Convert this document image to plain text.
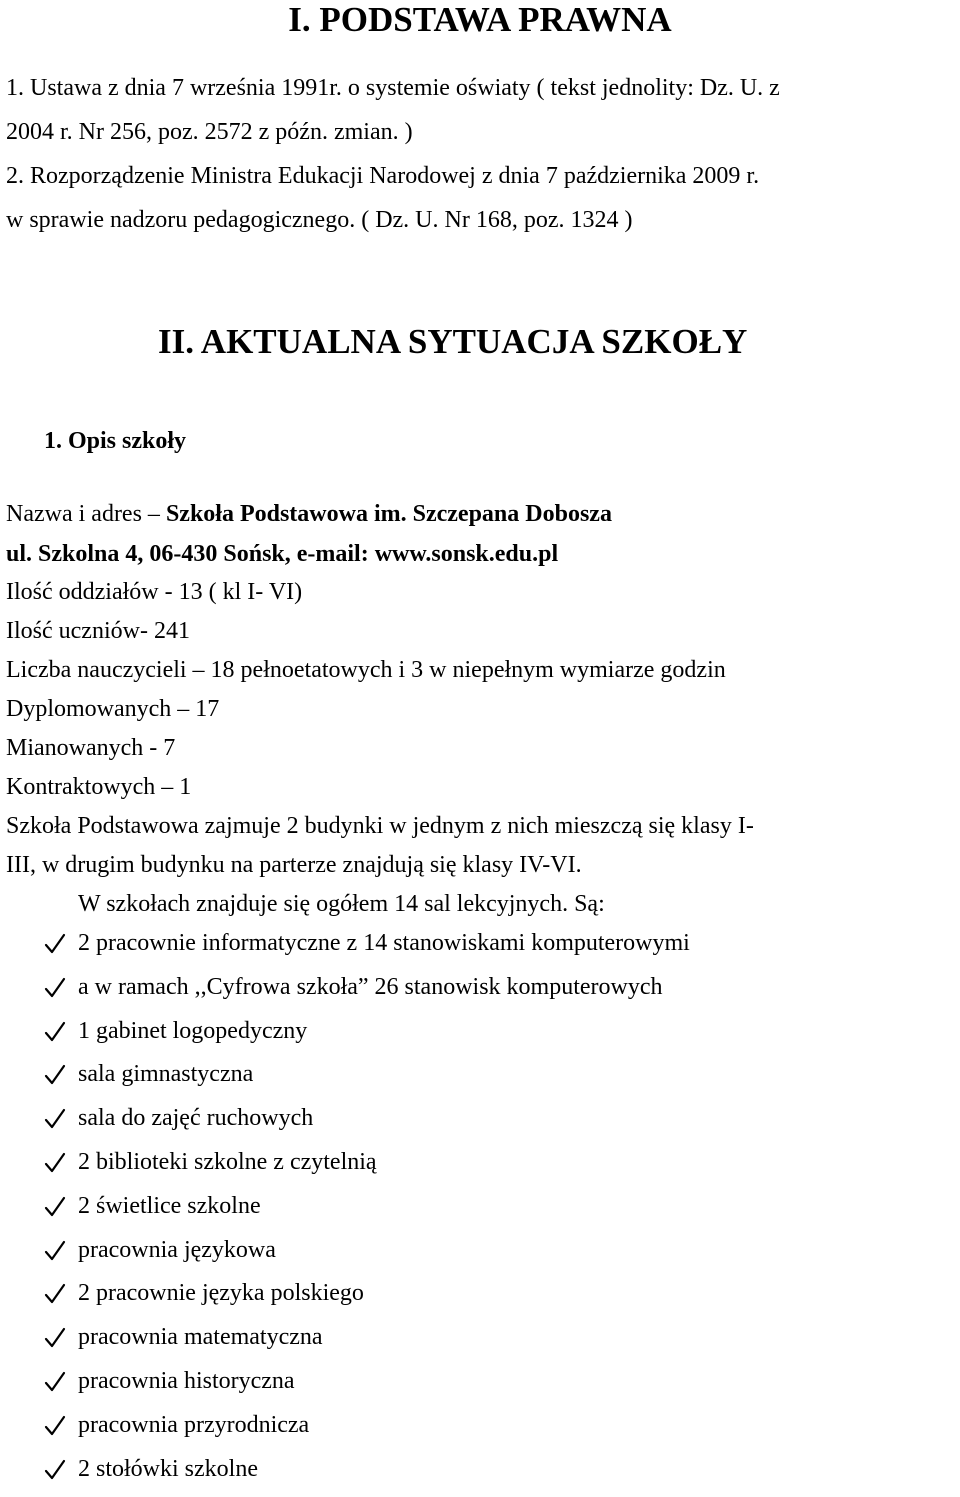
I. PODSTAWA PRAWNA
1. Ustawa z dnia 7 września 1991r. o systemie oświaty ( tekst jednolity: Dz. U. z
2004 r. Nr 256, poz. 2572 z późn. zmian. )
2. Rozporządzenie Ministra Edukacji Narodowej z dnia 7 października 2009 r.
w sprawie nadzoru pedagogicznego. ( Dz. U. Nr 168, poz. 1324 )
II. AKTUALNA SYTUACJA SZKOŁY
1. Opis szkoły
Nazwa i adres – Szkoła Podstawowa im. Szczepana Dobosza
ul. Szkolna 4, 06-430 Sońsk, e-mail: www.sonsk.edu.pl
Ilość oddziałów - 13 ( kl I- VI)
Ilość uczniów- 241
Liczba nauczycieli – 18 pełnoetatowych i 3 w niepełnym wymiarze godzin
Dyplomowanych – 17
Mianowanych - 7
Kontraktowych – 1
Szkoła Podstawowa zajmuje 2 budynki w jednym z nich mieszczą się klasy I-
III, w drugim budynku na parterze znajdują się klasy IV-VI.
W szkołach znajduje się ogółem 14 sal lekcyjnych. Są:
2 pracownie informatyczne z 14 stanowiskami komputerowymi
a w ramach ,,Cyfrowa szkoła” 26 stanowisk komputerowych
1 gabinet logopedyczny
sala gimnastyczna
sala do zajęć ruchowych
2 biblioteki szkolne z czytelnią
2 świetlice szkolne
pracownia językowa
2 pracownie języka polskiego
pracownia matematyczna
pracownia historyczna
pracownia przyrodnicza
2 stołówki szkolne
